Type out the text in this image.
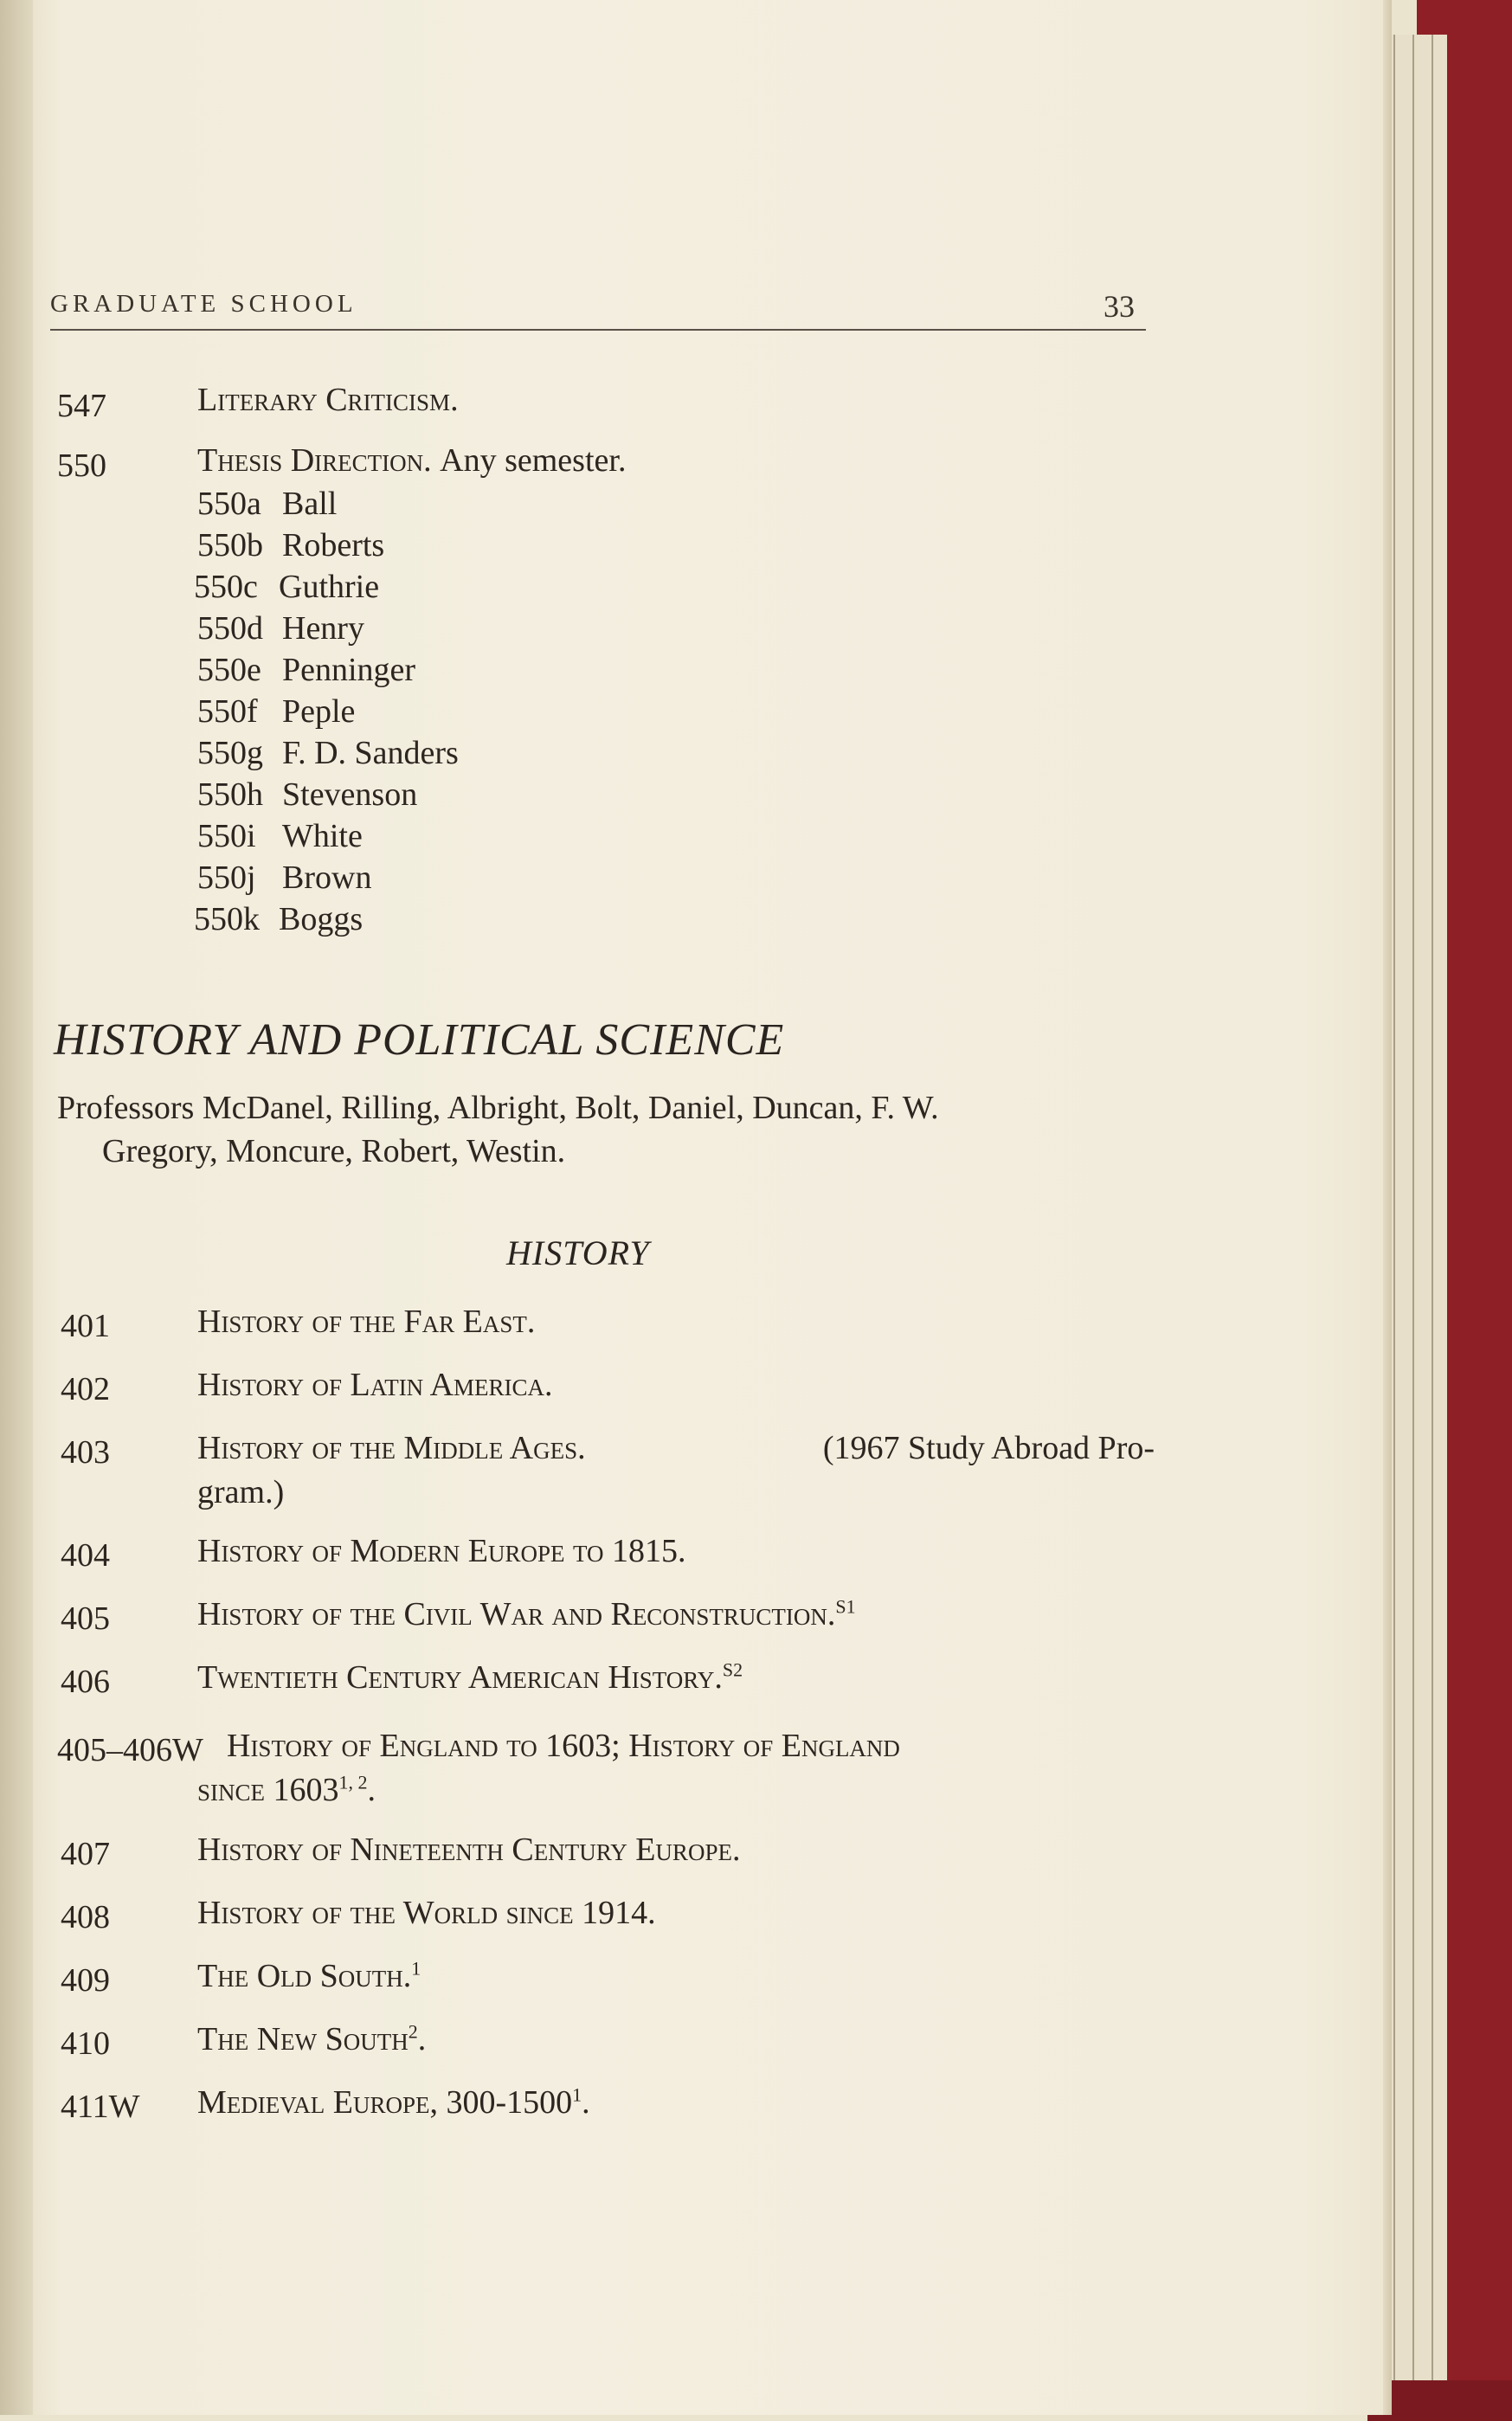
GRADUATE SCHOOL	33
547	Literary Criticism.
550	Thesis Direction. Any semester.
550a Ball
550b Roberts
550c Guthrie
550d Henry
550e Penninger
550f Peple
550g F. D. Sanders
550h Stevenson
550i White
550j Brown
550k Boggs
HISTORY AND POLITICAL SCIENCE
Professors McDanel, Rilling, Albright, Bolt, Daniel, Duncan, F. W.
Gregory, Moncure, Robert, Westin.
HISTORY
401	History of the Far East.
402	History of Latin America.
403	History of the Middle Ages.	(1967 Study Abroad Pro-
gram.)
404	History of Modern Europe to 1815.
405	History of the Civil War and Reconstruction.$^{S1}$
406	Twentieth Century American History.$^{S2}$
405–406W History of England to 1603; History of England
since 1603$^{1, 2}$.
407	History of Nineteenth Century Europe.
408	History of the World since 1914.
409	The Old South.$^1$
410	The New South$^2$.
411W Medieval Europe, 300-1500$^1$.
